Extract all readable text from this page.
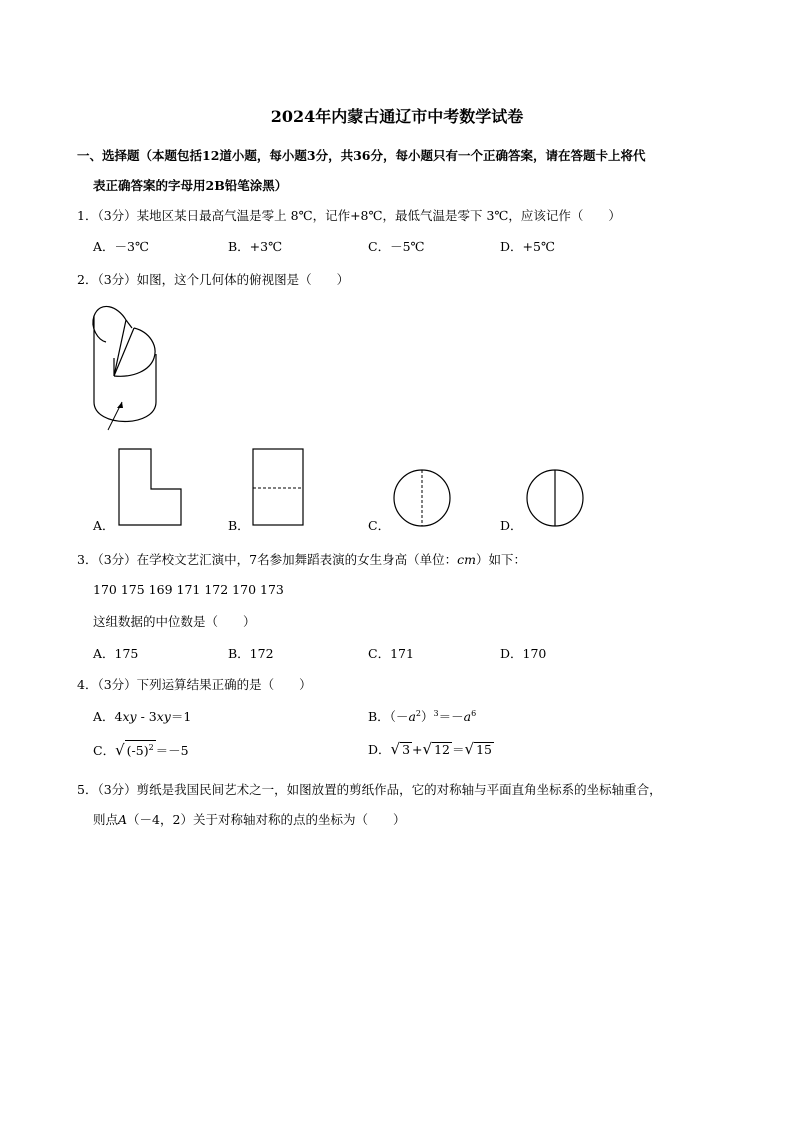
2024年内蒙古通辽市中考数学试卷
一、选择题（本题包括12道小题，每小题3分，共36分，每小题只有一个正确答案，请在答题卡上将代
表正确答案的字母用2B铅笔涂黑）
1．（3分）某地区某日最高气温是零上 8℃，记作+8℃，最低气温是零下 3℃，应该记作（　　）
A．－3℃	B．+3℃	C．－5℃	D．+5℃
2．（3分）如图，这个几何体的俯视图是（　　）
A．	B．	C．	D．
3．（3分）在学校文艺汇演中，7名参加舞蹈表演的女生身高（单位：cm）如下：
170 175 169 171 172 170 173
这组数据的中位数是（　　）
A．175	B．172	C．171	D．170
4．（3分）下列运算结果正确的是（　　）
A．4xy - 3xy＝1	B．$(-a^2)^3=-a^6$
C．√ $(-5)^2 =-5$	D．√ 3 +√ 12 ＝√ 15
5．（3分）剪纸是我国民间艺术之一，如图放置的剪纸作品，它的对称轴与平面直角坐标系的坐标轴重合，
则点A（－4，2）关于对称轴对称的点的坐标为（　　）
